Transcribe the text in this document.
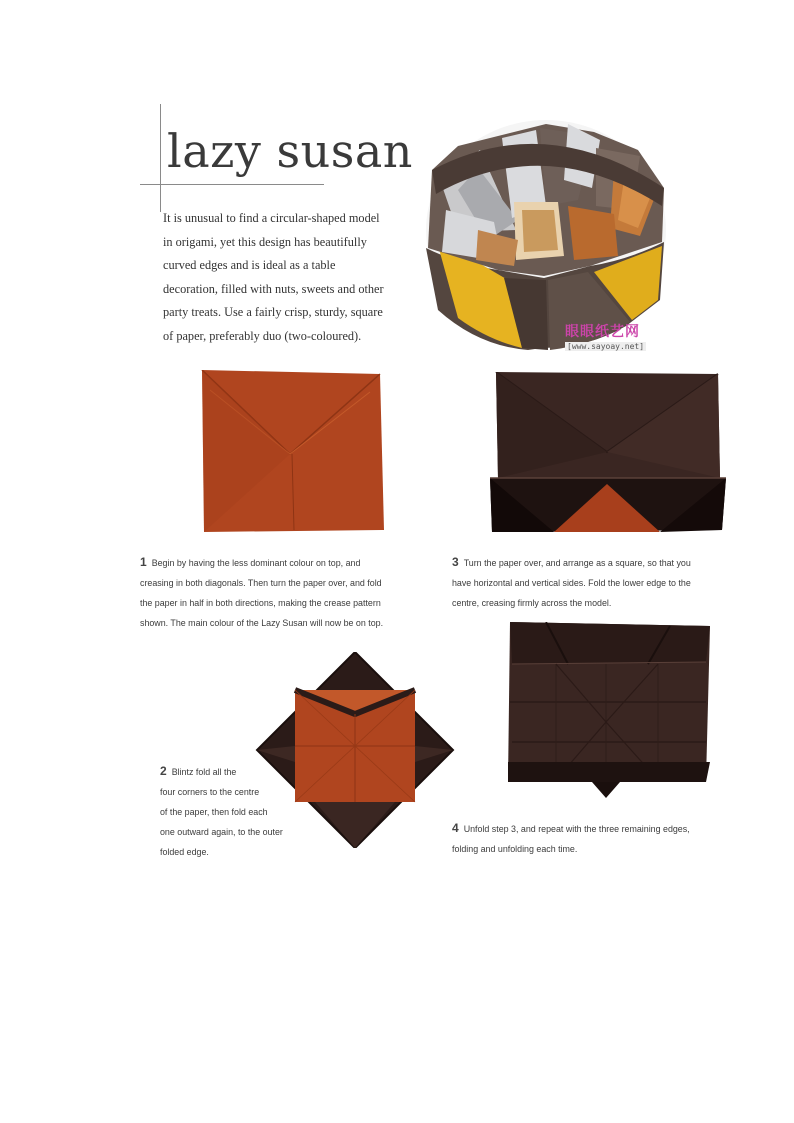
lazy susan
It is unusual to find a circular-shaped model
in origami, yet this design has beautifully
curved edges and is ideal as a table
decoration, filled with nuts, sweets and other
party treats. Use a fairly crisp, sturdy, square
of paper, preferably duo (two-coloured).	眼眼纸艺网
[www.sayoay.net]
1 Begin by having the less dominant colour on top, and
creasing in both diagonals. Then turn the paper over, and fold
the paper in half in both directions, making the crease pattern
shown. The main colour of the Lazy Susan will now be on top.
3 Turn the paper over, and arrange as a square, so that you
have horizontal and vertical sides. Fold the lower edge to the
centre, creasing firmly across the model.
2 Blintz fold all the
four corners to the centre
of the paper, then fold each
one outward again, to the outer
folded edge.
4 Unfold step 3, and repeat with the three remaining edges,
folding and unfolding each time.
